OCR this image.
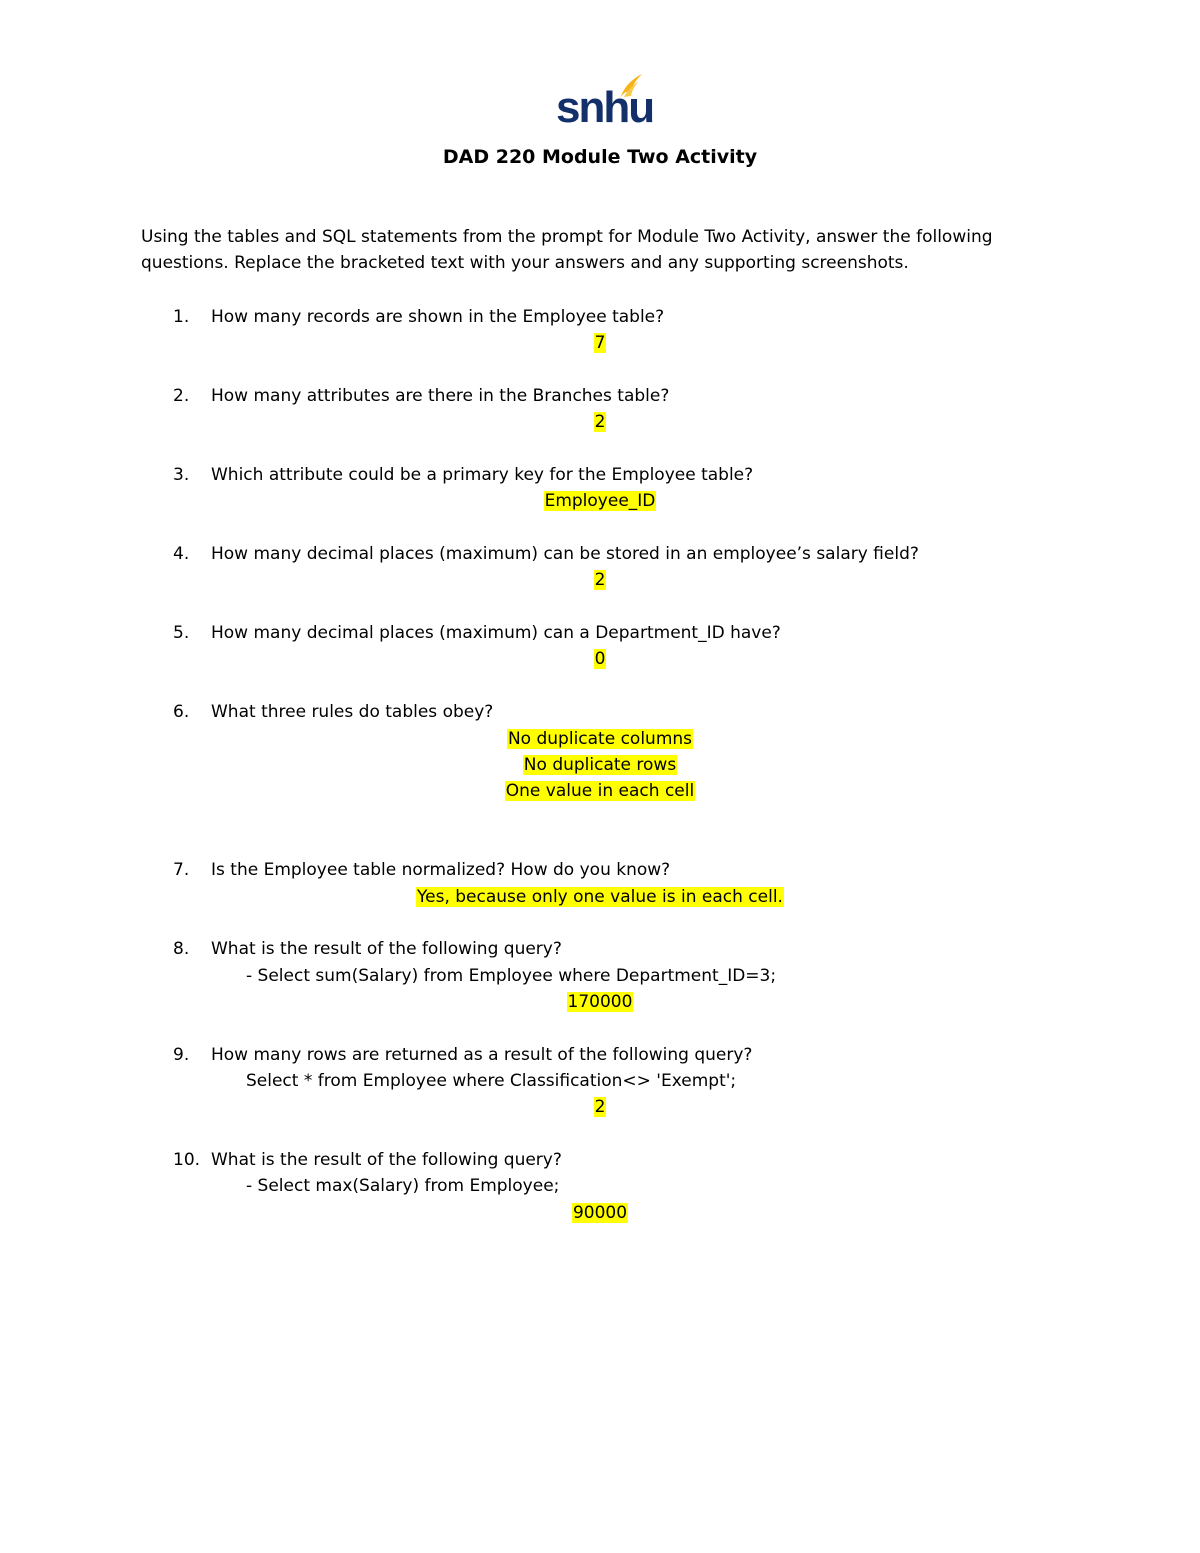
snhu
DAD 220 Module Two Activity
Using the tables and SQL statements from the prompt for Module Two Activity, answer the following questions. Replace the bracketed text with your answers and any supporting screenshots.
1. How many records are shown in the Employee table?
7
2. How many attributes are there in the Branches table?
2
3. Which attribute could be a primary key for the Employee table?
Employee_ID
4. How many decimal places (maximum) can be stored in an employee’s salary field?
2
5. How many decimal places (maximum) can a Department_ID have?
0
6. What three rules do tables obey?
No duplicate columns
No duplicate rows
One value in each cell
7. Is the Employee table normalized? How do you know?
Yes, because only one value is in each cell.
8. What is the result of the following query?
- Select sum(Salary) from Employee where Department_ID=3;
170000
9. How many rows are returned as a result of the following query?
Select * from Employee where Classification<> 'Exempt';
2
10. What is the result of the following query?
- Select max(Salary) from Employee;
90000
